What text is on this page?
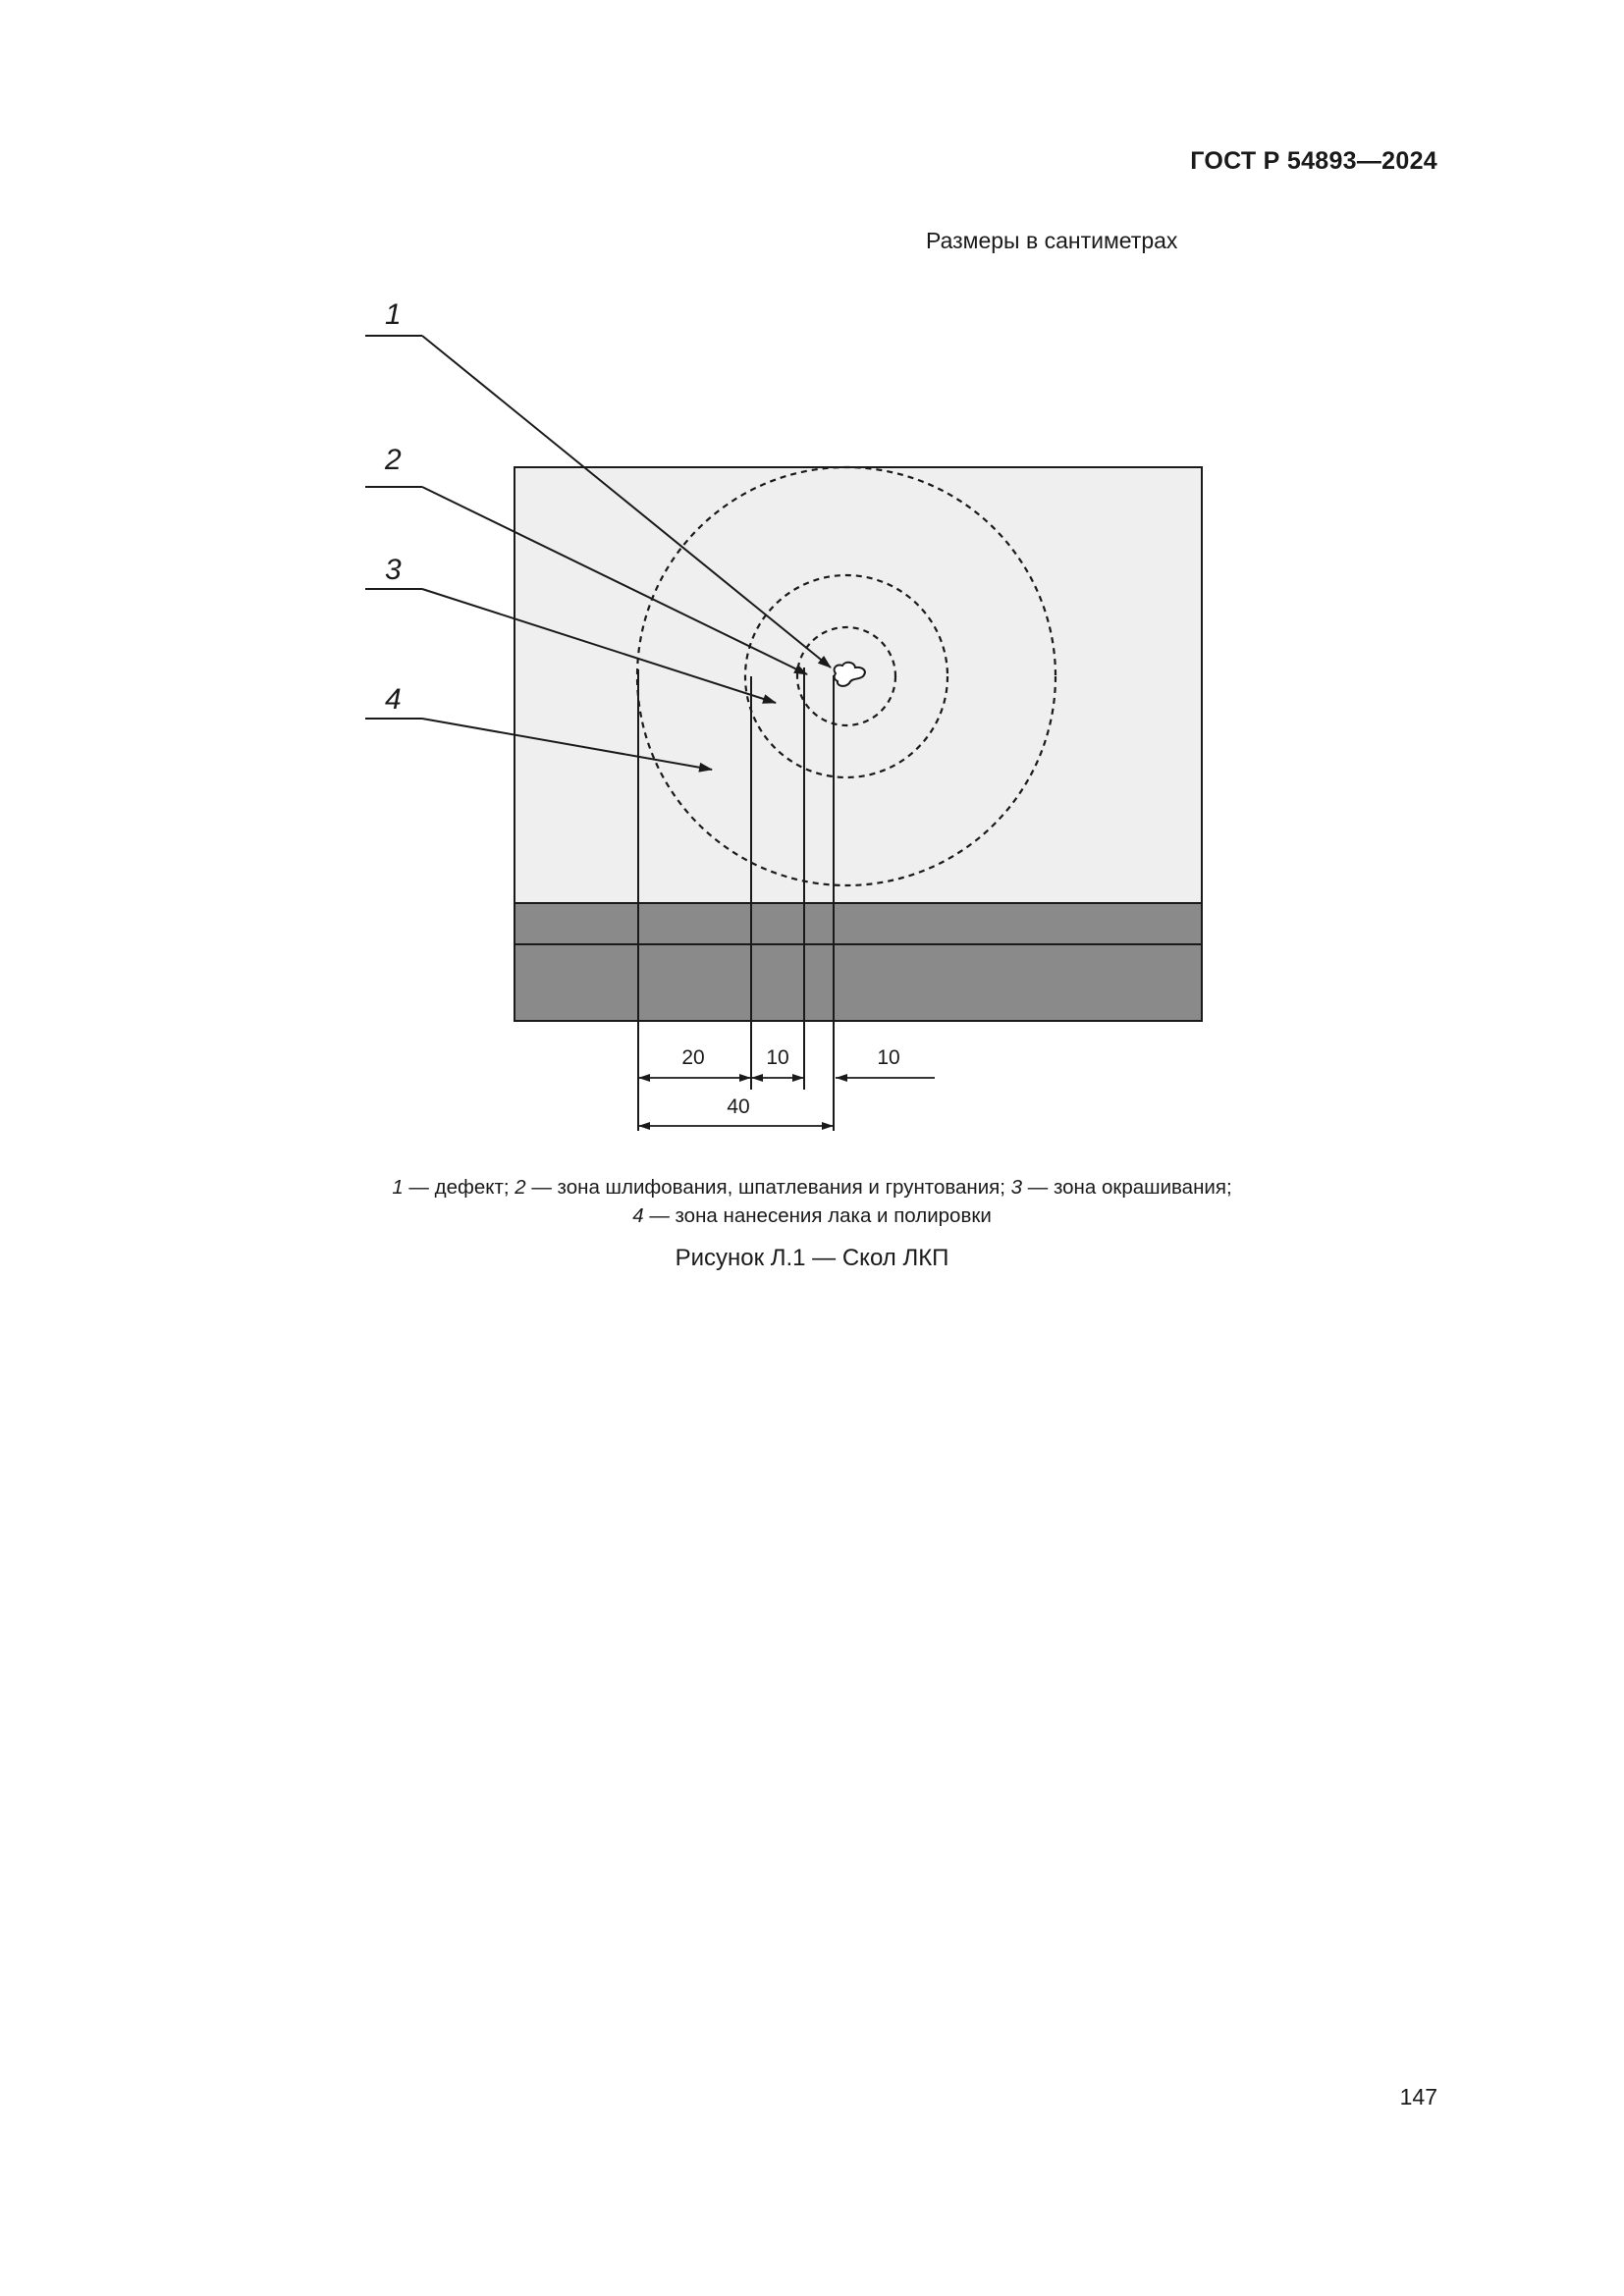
ГОСТ Р 54893—2024
Размеры в сантиметрах
1
2
3
4
20	10	10
40
1 — дефект; 2 — зона шлифования, шпатлевания и грунтования; 3 — зона окрашивания;
4 — зона нанесения лака и полировки
Рисунок Л.1 — Скол ЛКП
147
